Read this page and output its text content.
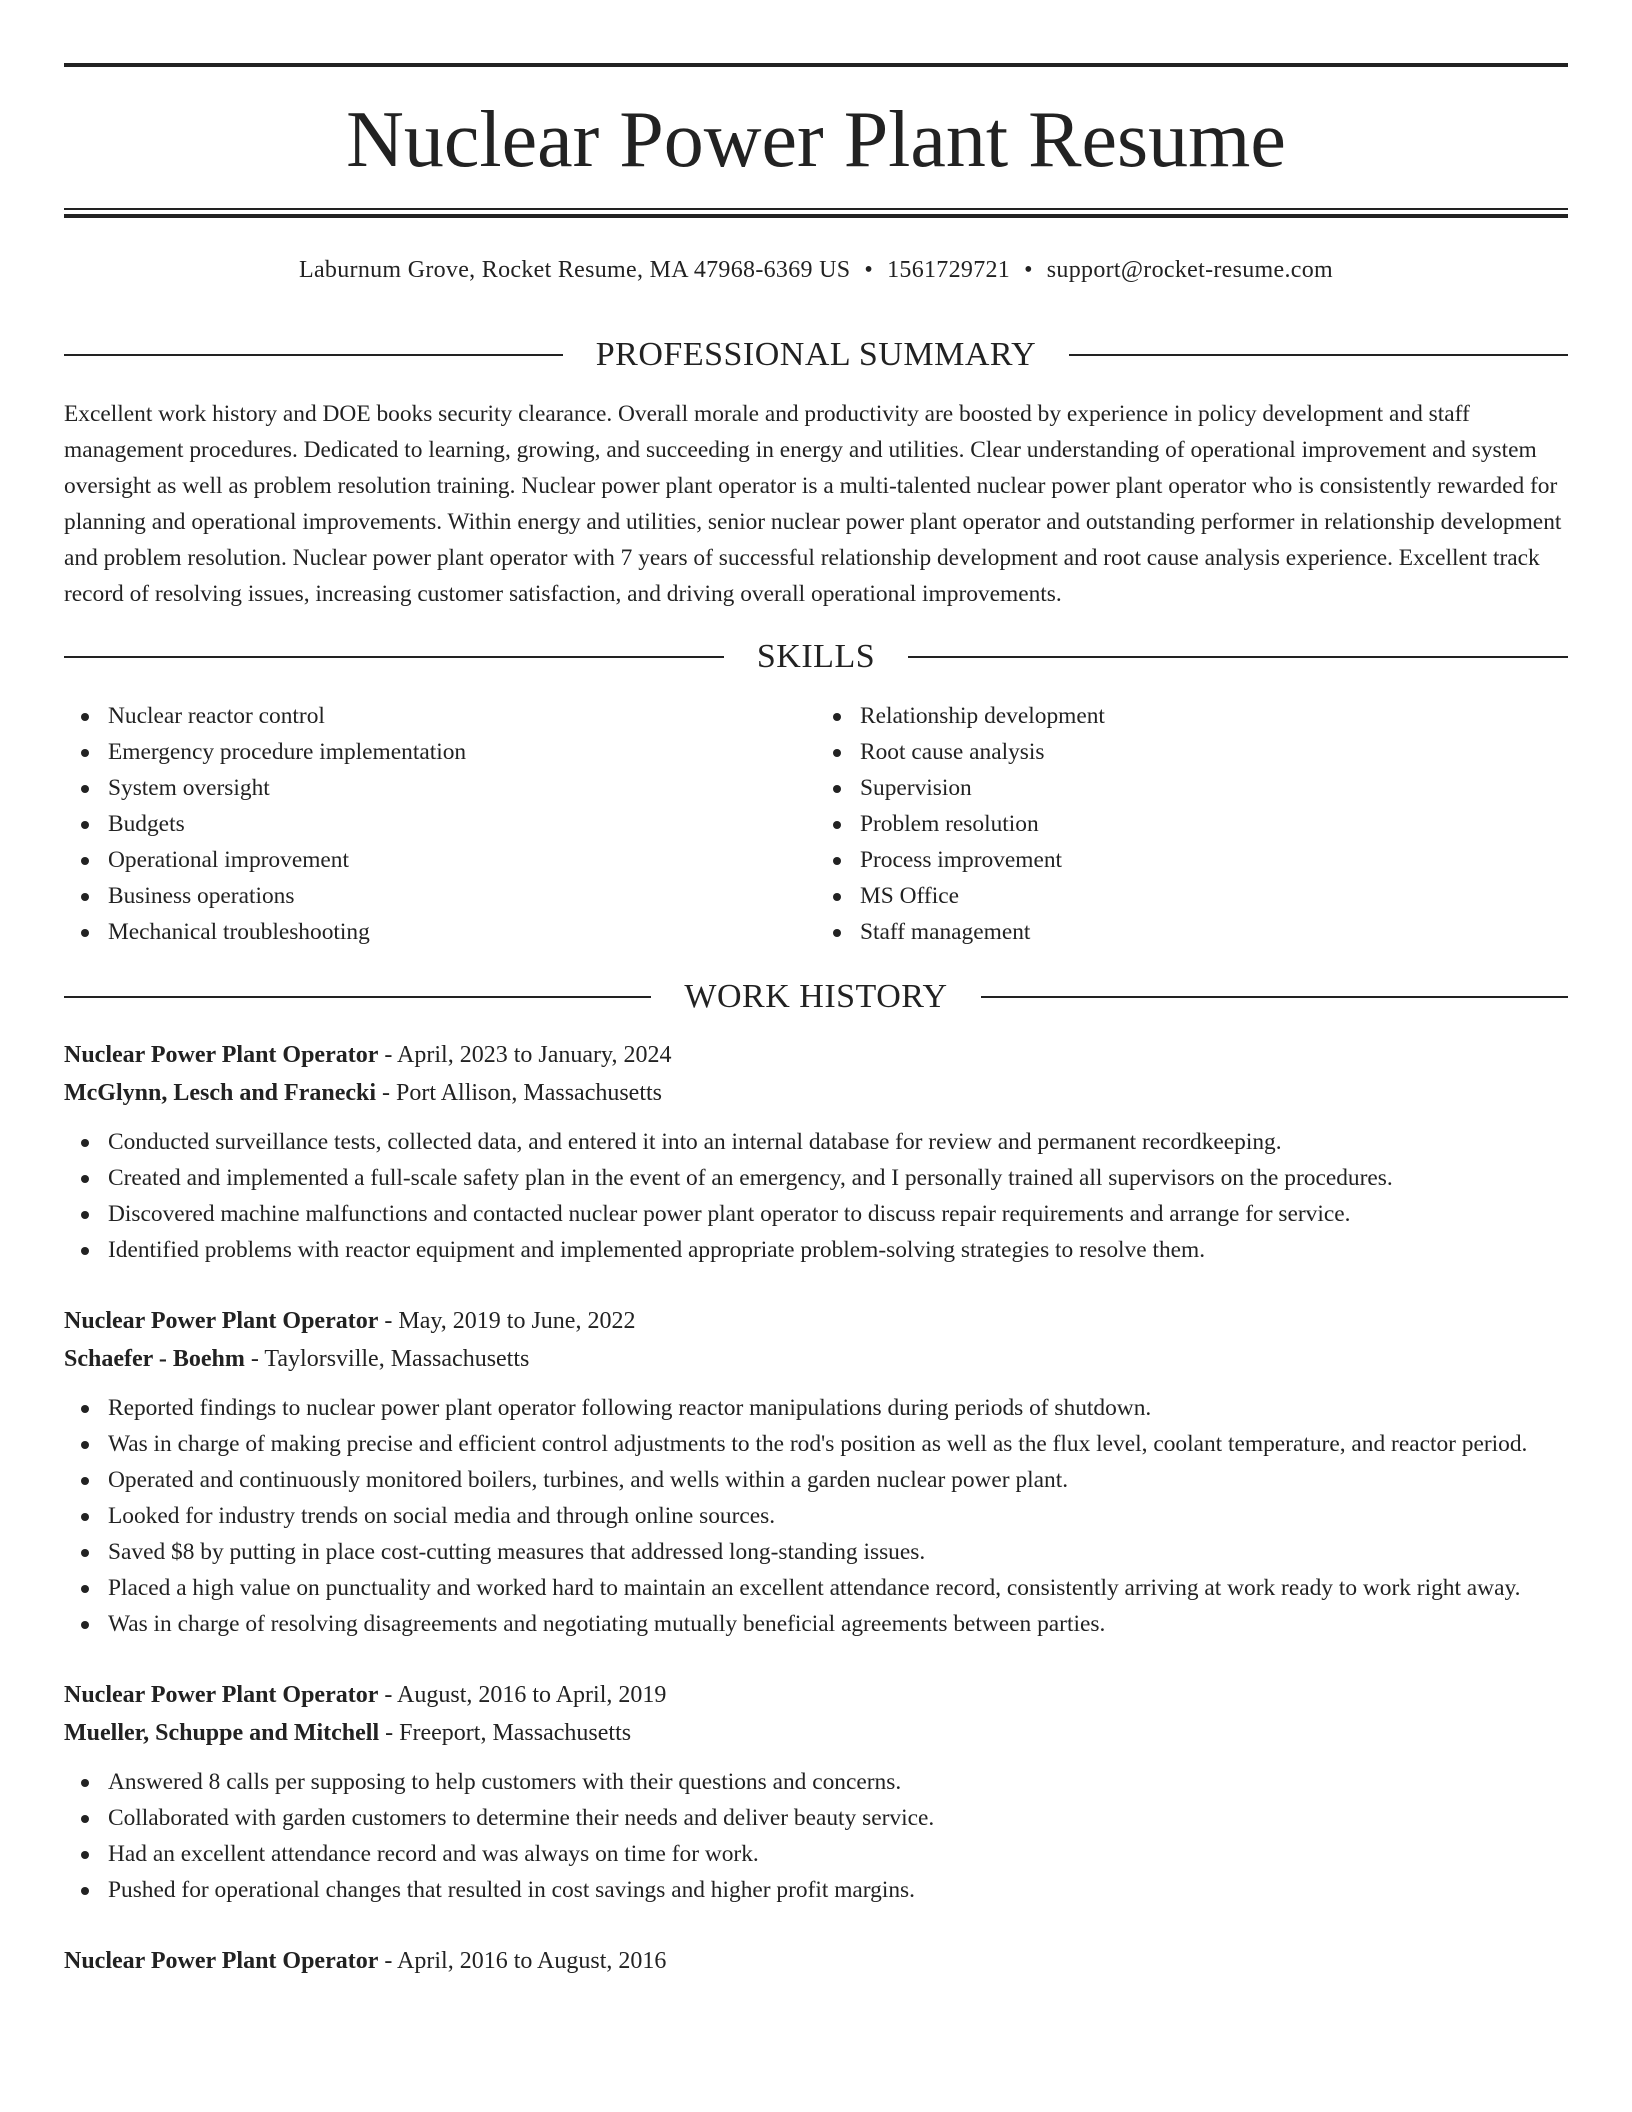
Nuclear Power Plant Resume
Laburnum Grove, Rocket Resume, MA 47968-6369 US • 1561729721 • support@rocket-resume.com
PROFESSIONAL SUMMARY

Excellent work history and DOE books security clearance. Overall morale and productivity are boosted by experience in policy development and staff management procedures. Dedicated to learning, growing, and succeeding in energy and utilities. Clear understanding of operational improvement and system oversight as well as problem resolution training. Nuclear power plant operator is a multi-talented nuclear power plant operator who is consistently rewarded for planning and operational improvements. Within energy and utilities, senior nuclear power plant operator and outstanding performer in relationship development and problem resolution. Nuclear power plant operator with 7 years of successful relationship development and root cause analysis experience. Excellent track record of resolving issues, increasing customer satisfaction, and driving overall operational improvements.

SKILLS
Nuclear reactor control
Emergency procedure implementation
System oversight
Budgets
Operational improvement
Business operations
Mechanical troubleshooting
Relationship development
Root cause analysis
Supervision
Problem resolution
Process improvement
MS Office
Staff management
WORK HISTORY
Nuclear Power Plant Operator - April, 2023 to January, 2024
McGlynn, Lesch and Franecki - Port Allison, Massachusetts
Conducted surveillance tests, collected data, and entered it into an internal database for review and permanent recordkeeping.
Created and implemented a full-scale safety plan in the event of an emergency, and I personally trained all supervisors on the procedures.
Discovered machine malfunctions and contacted nuclear power plant operator to discuss repair requirements and arrange for service.
Identified problems with reactor equipment and implemented appropriate problem-solving strategies to resolve them.
Nuclear Power Plant Operator - May, 2019 to June, 2022
Schaefer - Boehm - Taylorsville, Massachusetts
Reported findings to nuclear power plant operator following reactor manipulations during periods of shutdown.
Was in charge of making precise and efficient control adjustments to the rod's position as well as the flux level, coolant temperature, and reactor period.
Operated and continuously monitored boilers, turbines, and wells within a garden nuclear power plant.
Looked for industry trends on social media and through online sources.
Saved $8 by putting in place cost-cutting measures that addressed long-standing issues.
Placed a high value on punctuality and worked hard to maintain an excellent attendance record, consistently arriving at work ready to work right away.
Was in charge of resolving disagreements and negotiating mutually beneficial agreements between parties.
Nuclear Power Plant Operator - August, 2016 to April, 2019
Mueller, Schuppe and Mitchell - Freeport, Massachusetts
Answered 8 calls per supposing to help customers with their questions and concerns.
Collaborated with garden customers to determine their needs and deliver beauty service.
Had an excellent attendance record and was always on time for work.
Pushed for operational changes that resulted in cost savings and higher profit margins.
Nuclear Power Plant Operator - April, 2016 to August, 2016
